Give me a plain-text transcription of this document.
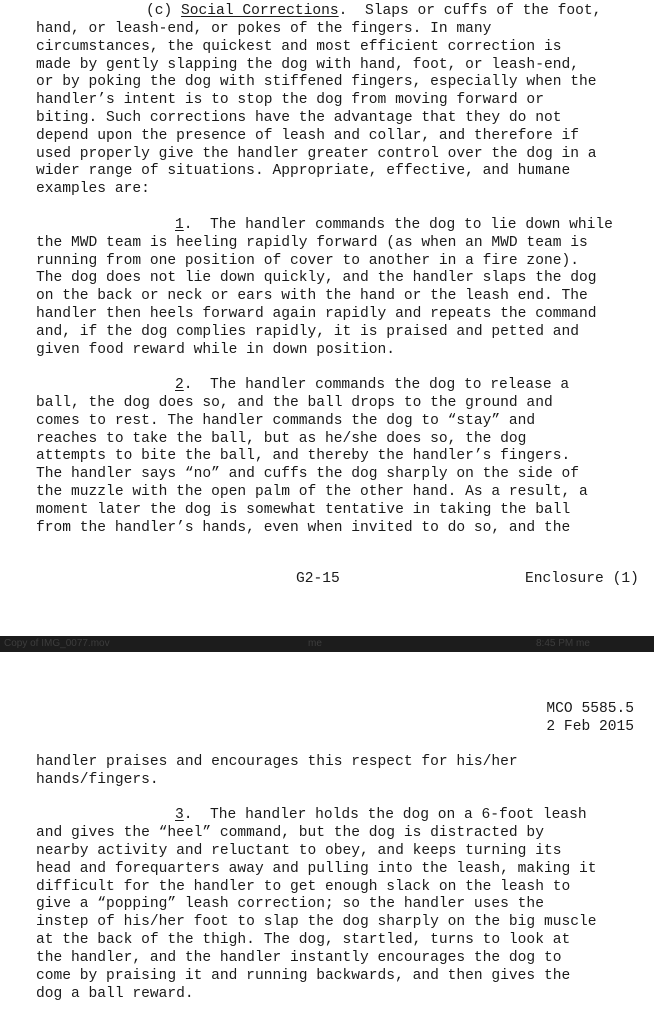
(c) Social Corrections.  Slaps or cuffs of the foot,
hand, or leash-end, or pokes of the fingers. In many
circumstances, the quickest and most efficient correction is
made by gently slapping the dog with hand, foot, or leash-end,
or by poking the dog with stiffened fingers, especially when the
handler’s intent is to stop the dog from moving forward or
biting. Such corrections have the advantage that they do not
depend upon the presence of leash and collar, and therefore if
used properly give the handler greater control over the dog in a
wider range of situations. Appropriate, effective, and humane
examples are:
1.  The handler commands the dog to lie down while
the MWD team is heeling rapidly forward (as when an MWD team is
running from one position of cover to another in a fire zone).
The dog does not lie down quickly, and the handler slaps the dog
on the back or neck or ears with the hand or the leash end. The
handler then heels forward again rapidly and repeats the command
and, if the dog complies rapidly, it is praised and petted and
given food reward while in down position.
2.  The handler commands the dog to release a
ball, the dog does so, and the ball drops to the ground and
comes to rest. The handler commands the dog to “stay” and
reaches to take the ball, but as he/she does so, the dog
attempts to bite the ball, and thereby the handler’s fingers.
The handler says “no” and cuffs the dog sharply on the side of
the muzzle with the open palm of the other hand. As a result, a
moment later the dog is somewhat tentative in taking the ball
from the handler’s hands, even when invited to do so, and the
G2-15	Enclosure (1)
Copy of IMG_0077.mov	me	8:45 PM me
MCO 5585.5
2 Feb 2015
handler praises and encourages this respect for his/her
hands/fingers.
3.  The handler holds the dog on a 6-foot leash
and gives the “heel” command, but the dog is distracted by
nearby activity and reluctant to obey, and keeps turning its
head and forequarters away and pulling into the leash, making it
difficult for the handler to get enough slack on the leash to
give a “popping” leash correction; so the handler uses the
instep of his/her foot to slap the dog sharply on the big muscle
at the back of the thigh. The dog, startled, turns to look at
the handler, and the handler instantly encourages the dog to
come by praising it and running backwards, and then gives the
dog a ball reward.
